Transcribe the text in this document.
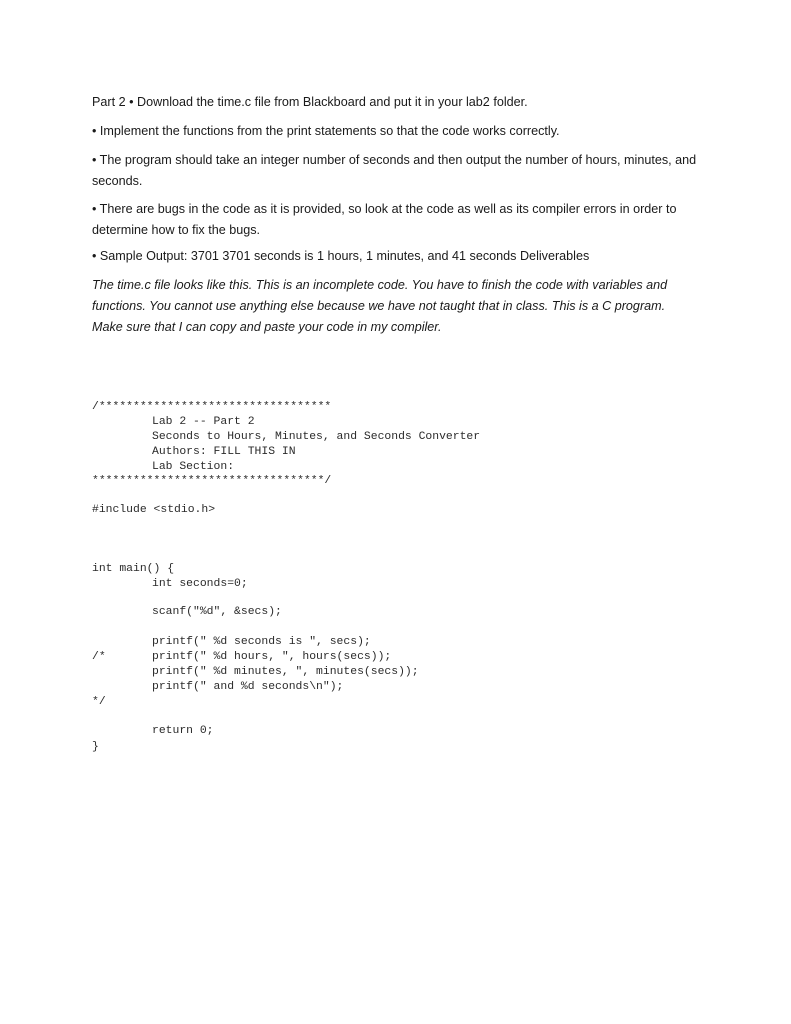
Part 2 • Download the time.c file from Blackboard and put it in your lab2 folder.

• Implement the functions from the print statements so that the code works correctly.

• The program should take an integer number of seconds and then output the number of hours, minutes, and seconds.

• There are bugs in the code as it is provided, so look at the code as well as its compiler errors in order to determine how to fix the bugs.

• Sample Output: 3701 3701 seconds is 1 hours, 1 minutes, and 41 seconds Deliverables

The time.c file looks like this. This is an incomplete code. You have to finish the code with variables and
functions. You cannot use anything else because we have not taught that in class. This is a C program.
Make sure that I can copy and paste your code in my compiler.
/**********************************
Lab 2 -- Part 2
Seconds to Hours, Minutes, and Seconds Converter
Authors: FILL THIS IN
Lab Section:
**********************************/
#include <stdio.h>
int main() {
int seconds=0;
scanf("%d", &secs);
printf(" %d seconds is ", secs);
/*	printf(" %d hours, ", hours(secs));
printf(" %d minutes, ", minutes(secs));
printf(" and %d seconds\n");
*/
return 0;
}
